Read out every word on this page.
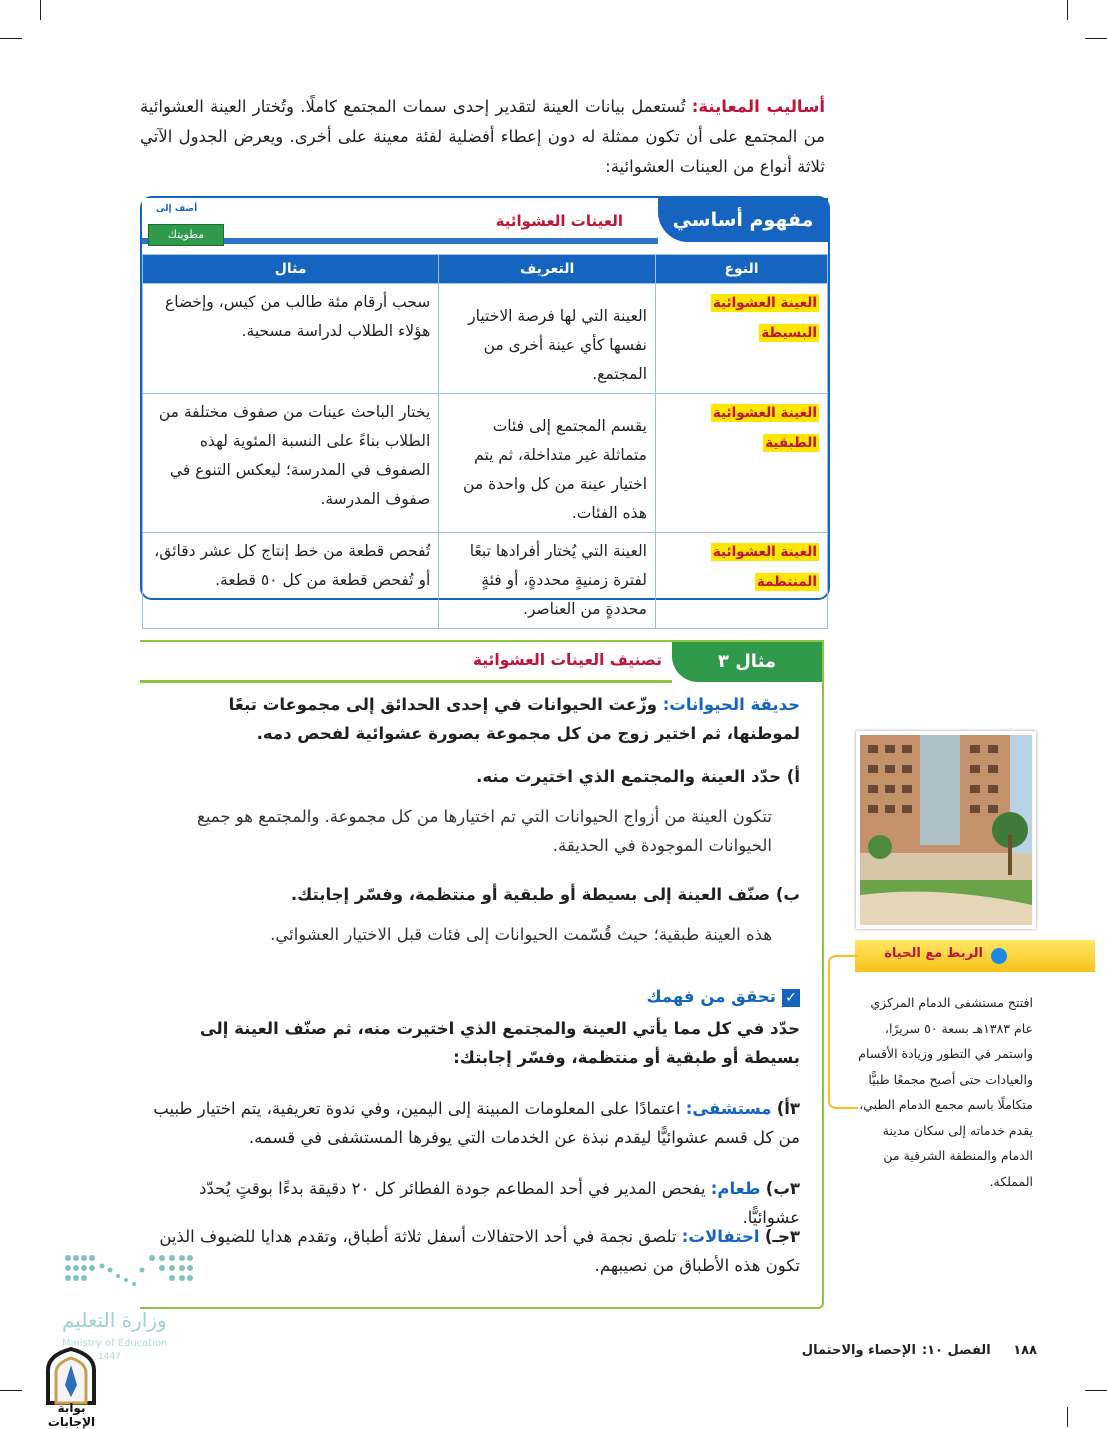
أساليب المعاينة: تُستعمل بيانات العينة لتقدير إحدى سمات المجتمع كاملًا. وتُختار العينة العشوائية من المجتمع على أن تكون ممثلة له دون إعطاء أفضلية لفئة معينة على أخرى. ويعرض الجدول الآتي ثلاثة أنواع من العينات العشوائية:
مفهوم أساسي
العينات العشوائية
أضف إلى
مطويتك
النوع	التعريف	مثال
العينة العشوائية
البسيطة	العينة التي لها فرصة الاختيار نفسها كأي عينة أخرى من المجتمع.	سحب أرقام مئة طالب من كيس، وإخضاع هؤلاء الطلاب لدراسة مسحية.
العينة العشوائية
الطبقية	يقسم المجتمع إلى فئات متماثلة غير متداخلة، ثم يتم اختيار عينة من كل واحدة من هذه الفئات.	يختار الباحث عينات من صفوف مختلفة من الطلاب بناءً على النسبة المئوية لهذه الصفوف في المدرسة؛ ليعكس التنوع في صفوف المدرسة.
العينة العشوائية
المنتظمة	العينة التي يُختار أفرادها تبعًا لفترة زمنيةٍ محددةٍ، أو فئةٍ محددةٍ من العناصر.	تُفحص قطعة من خط إنتاج كل عشر دقائق، أو تُفحص قطعة من كل ٥٠ قطعة.
مثال ٣
تصنيف العينات العشوائية
حديقة الحيوانات: وزّعت الحيوانات في إحدى الحدائق إلى مجموعات تبعًا لموطنها، ثم اختير زوج من كل مجموعة بصورة عشوائية لفحص دمه.
أ) حدّد العينة والمجتمع الذي اختيرت منه.
تتكون العينة من أزواج الحيوانات التي تم اختيارها من كل مجموعة. والمجتمع هو جميع الحيوانات الموجودة في الحديقة.
ب) صنّف العينة إلى بسيطة أو طبقية أو منتظمة، وفسّر إجابتك.
هذه العينة طبقية؛ حيث قُسّمت الحيوانات إلى فئات قبل الاختيار العشوائي.
✓تحقق من فهمك
حدّد في كل مما يأتي العينة والمجتمع الذي اختيرت منه، ثم صنّف العينة إلى بسيطة أو طبقية أو منتظمة، وفسّر إجابتك:
٣أ) مستشفى: اعتمادًا على المعلومات المبينة إلى اليمين، وفي ندوة تعريفية، يتم اختيار طبيب من كل قسم عشوائيًّا ليقدم نبذة عن الخدمات التي يوفرها المستشفى في قسمه.
٣ب) طعام: يفحص المدير في أحد المطاعم جودة الفطائر كل ٢٠ دقيقة بدءًا بوقتٍ يُحدّد عشوائيًّا.
٣جـ) احتفالات: تلصق نجمة في أحد الاحتفالات أسفل ثلاثة أطباق، وتقدم هدايا للضيوف الذين تكون هذه الأطباق من نصيبهم.
الربط مع الحياة
افتتح مستشفى الدمام المركزي عام ١٣٨٣هـ بسعة ٥٠ سريرًا، واستمر في التطور وزيادة الأقسام والعيادات حتى أصبح مجمعًا طبيًّا متكاملًا باسم مجمع الدمام الطبي، يقدم خدماته إلى سكان مدينة الدمام والمنطقة الشرقية من المملكة.
الإحصاء والاحتمال	١٨٨ الفصل ١٠:
وزارة التعليم
Ministry of Education
1447
بوابة الإجابات
